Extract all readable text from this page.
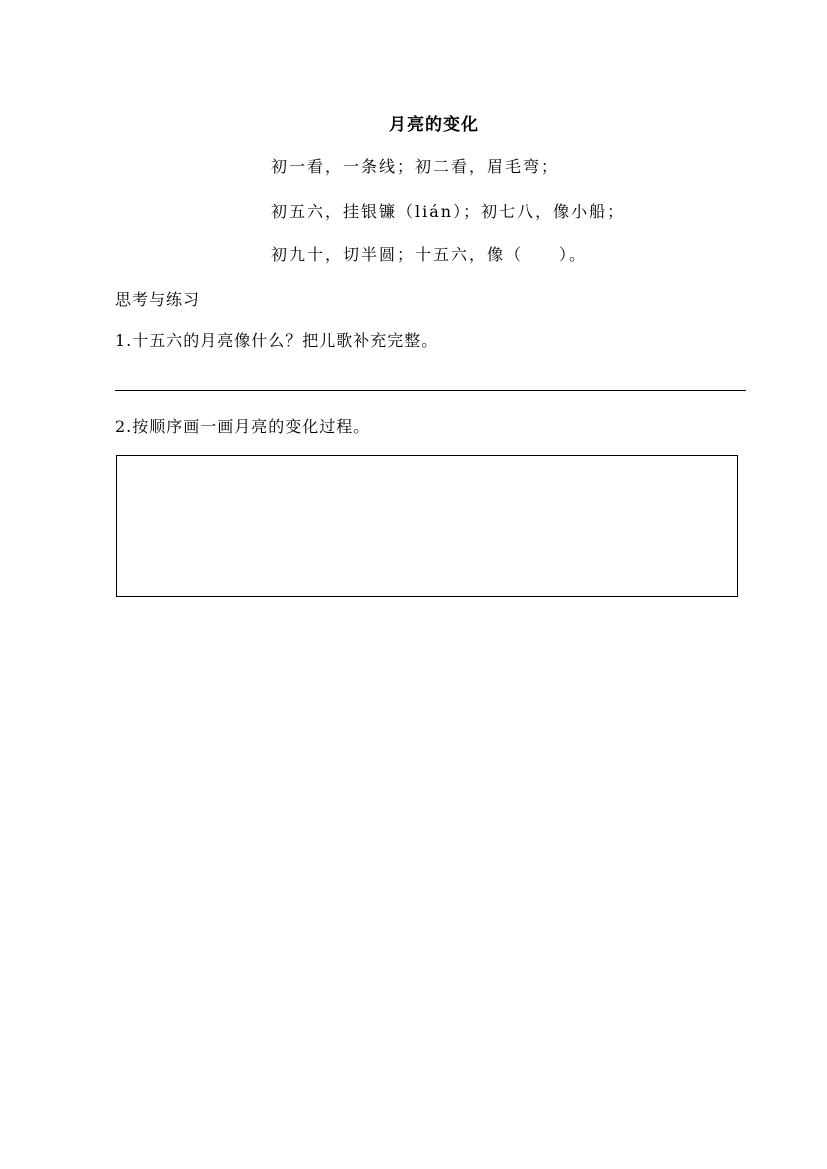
月亮的变化
初一看，一条线；初二看，眉毛弯；
初五六，挂银镰（lián）；初七八，像小船；
初九十，切半圆；十五六，像（　　）。
思考与练习
1.十五六的月亮像什么？把儿歌补充完整。
2.按顺序画一画月亮的变化过程。
